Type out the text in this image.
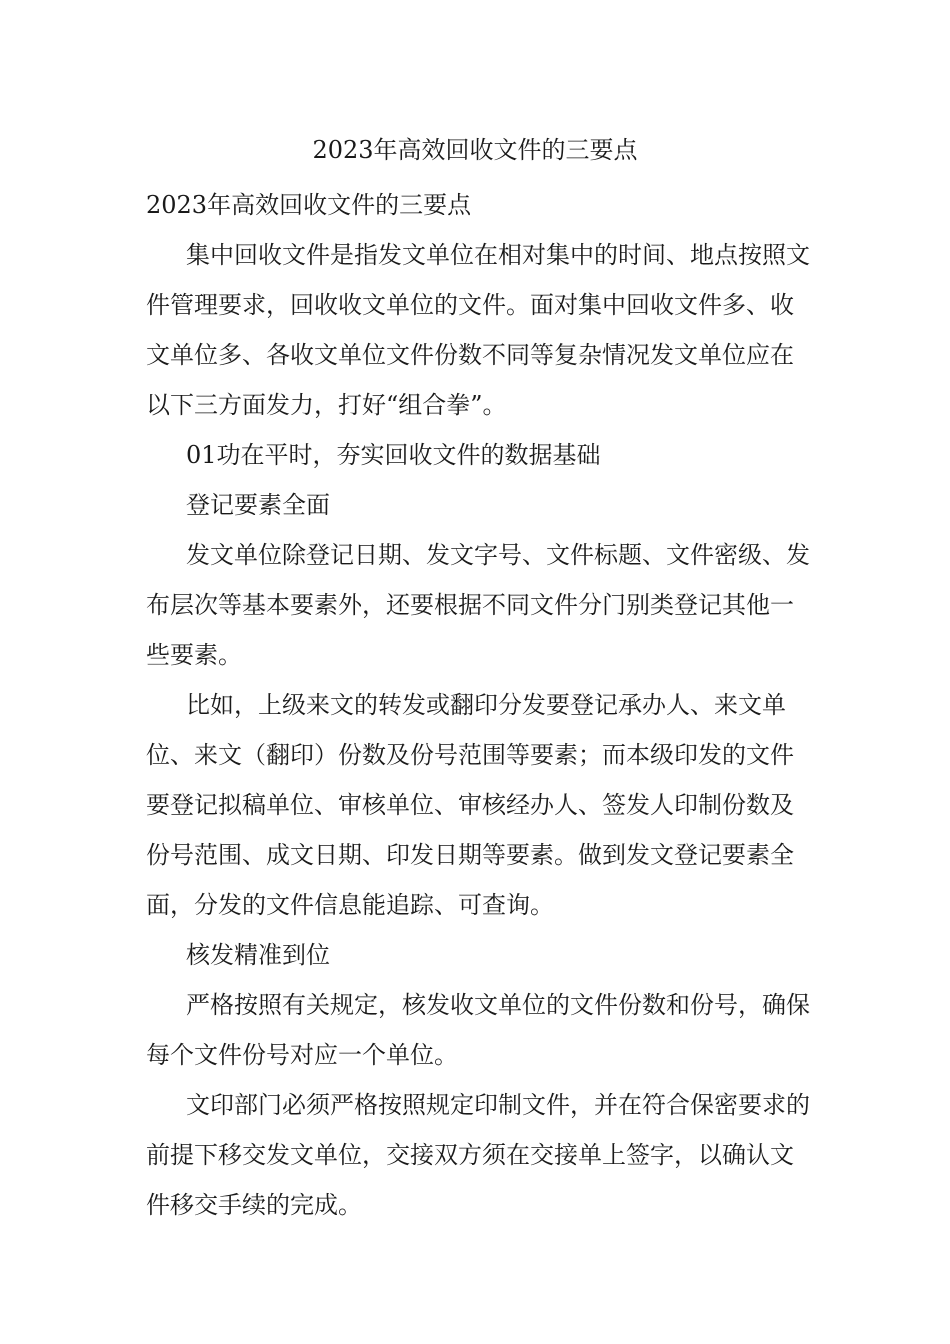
2023年高效回收文件的三要点

2023年高效回收文件的三要点

集中回收文件是指发文单位在相对集中的时间、地点按照文件管理要求，回收收文单位的文件。面对集中回收文件多、收文单位多、各收文单位文件份数不同等复杂情况发文单位应在以下三方面发力，打好“组合拳”。

01功在平时，夯实回收文件的数据基础

登记要素全面

发文单位除登记日期、发文字号、文件标题、文件密级、发布层次等基本要素外，还要根据不同文件分门别类登记其他一些要素。

比如，上级来文的转发或翻印分发要登记承办人、来文单位、来文（翻印）份数及份号范围等要素；而本级印发的文件要登记拟稿单位、审核单位、审核经办人、签发人印制份数及份号范围、成文日期、印发日期等要素。做到发文登记要素全面，分发的文件信息能追踪、可查询。

核发精准到位

严格按照有关规定，核发收文单位的文件份数和份号，确保每个文件份号对应一个单位。

文印部门必须严格按照规定印制文件，并在符合保密要求的前提下移交发文单位，交接双方须在交接单上签字，以确认文件移交手续的完成。
